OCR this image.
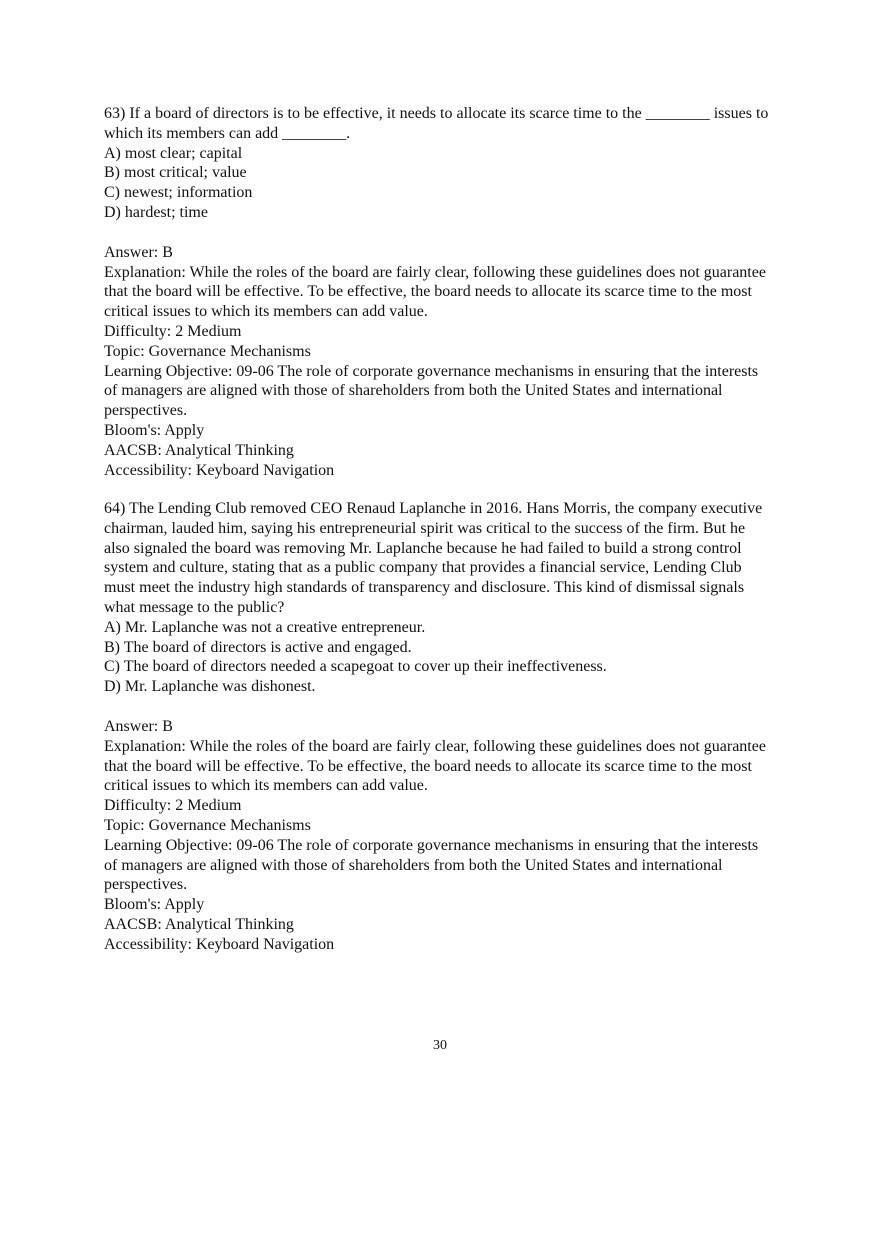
63) If a board of directors is to be effective, it needs to allocate its scarce time to the ________ issues to which its members can add ________.
A) most clear; capital
B) most critical; value
C) newest; information
D) hardest; time
Answer: B
Explanation: While the roles of the board are fairly clear, following these guidelines does not guarantee that the board will be effective. To be effective, the board needs to allocate its scarce time to the most critical issues to which its members can add value.
Difficulty: 2 Medium
Topic: Governance Mechanisms
Learning Objective: 09-06 The role of corporate governance mechanisms in ensuring that the interests of managers are aligned with those of shareholders from both the United States and international perspectives.
Bloom's: Apply
AACSB: Analytical Thinking
Accessibility: Keyboard Navigation
64) The Lending Club removed CEO Renaud Laplanche in 2016. Hans Morris, the company executive chairman, lauded him, saying his entrepreneurial spirit was critical to the success of the firm. But he also signaled the board was removing Mr. Laplanche because he had failed to build a strong control system and culture, stating that as a public company that provides a financial service, Lending Club must meet the industry high standards of transparency and disclosure. This kind of dismissal signals what message to the public?
A) Mr. Laplanche was not a creative entrepreneur.
B) The board of directors is active and engaged.
C) The board of directors needed a scapegoat to cover up their ineffectiveness.
D) Mr. Laplanche was dishonest.
Answer: B
Explanation: While the roles of the board are fairly clear, following these guidelines does not guarantee that the board will be effective. To be effective, the board needs to allocate its scarce time to the most critical issues to which its members can add value.
Difficulty: 2 Medium
Topic: Governance Mechanisms
Learning Objective: 09-06 The role of corporate governance mechanisms in ensuring that the interests of managers are aligned with those of shareholders from both the United States and international perspectives.
Bloom's: Apply
AACSB: Analytical Thinking
Accessibility: Keyboard Navigation
30
